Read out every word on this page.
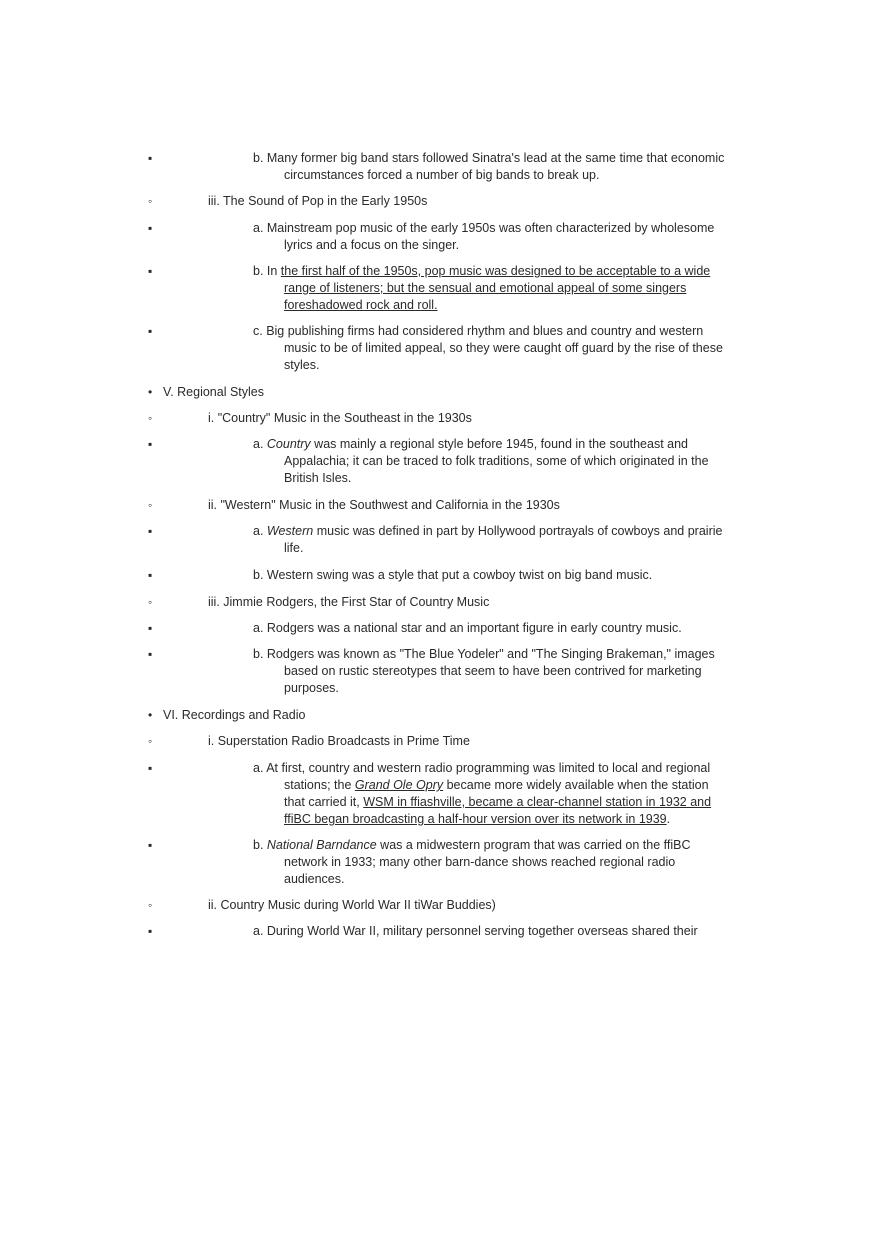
▪	b. Many former big band stars followed Sinatra's lead at the same time that economic
circumstances forced a number of big bands to break up.
◦	iii. The Sound of Pop in the Early 1950s
▪	a. Mainstream pop music of the early 1950s was often characterized by wholesome
lyrics and a focus on the singer.
▪	b. In the first half of the 1950s, pop music was designed to be acceptable to a wide
range of listeners; but the sensual and emotional appeal of some singers
foreshadowed rock and roll.
▪	c. Big publishing firms had considered rhythm and blues and country and western
music to be of limited appeal, so they were caught off guard by the rise of these
styles.
• V. Regional Styles
◦	i. "Country" Music in the Southeast in the 1930s
▪	a. Country was mainly a regional style before 1945, found in the southeast and
Appalachia; it can be traced to folk traditions, some of which originated in the
British Isles.
◦	ii. "Western" Music in the Southwest and California in the 1930s
▪	a. Western music was defined in part by Hollywood portrayals of cowboys and prairie
life.
▪	b. Western swing was a style that put a cowboy twist on big band music.
◦	iii. Jimmie Rodgers, the First Star of Country Music
▪	a. Rodgers was a national star and an important figure in early country music.
▪	b. Rodgers was known as "The Blue Yodeler" and "The Singing Brakeman," images
based on rustic stereotypes that seem to have been contrived for marketing
purposes.
• VI. Recordings and Radio
◦	i. Superstation Radio Broadcasts in Prime Time
▪	a. At first, country and western radio programming was limited to local and regional
stations; the Grand Ole Opry became more widely available when the station
that carried it, WSM in ffiashville, became a clear-channel station in 1932 and
ffiBC began broadcasting a half-hour version over its network in 1939.
▪	b. National Barndance was a midwestern program that was carried on the ffiBC
network in 1933; many other barn-dance shows reached regional radio
audiences.
◦	ii. Country Music during World War II tiWar Buddies)
▪	a. During World War II, military personnel serving together overseas shared their
